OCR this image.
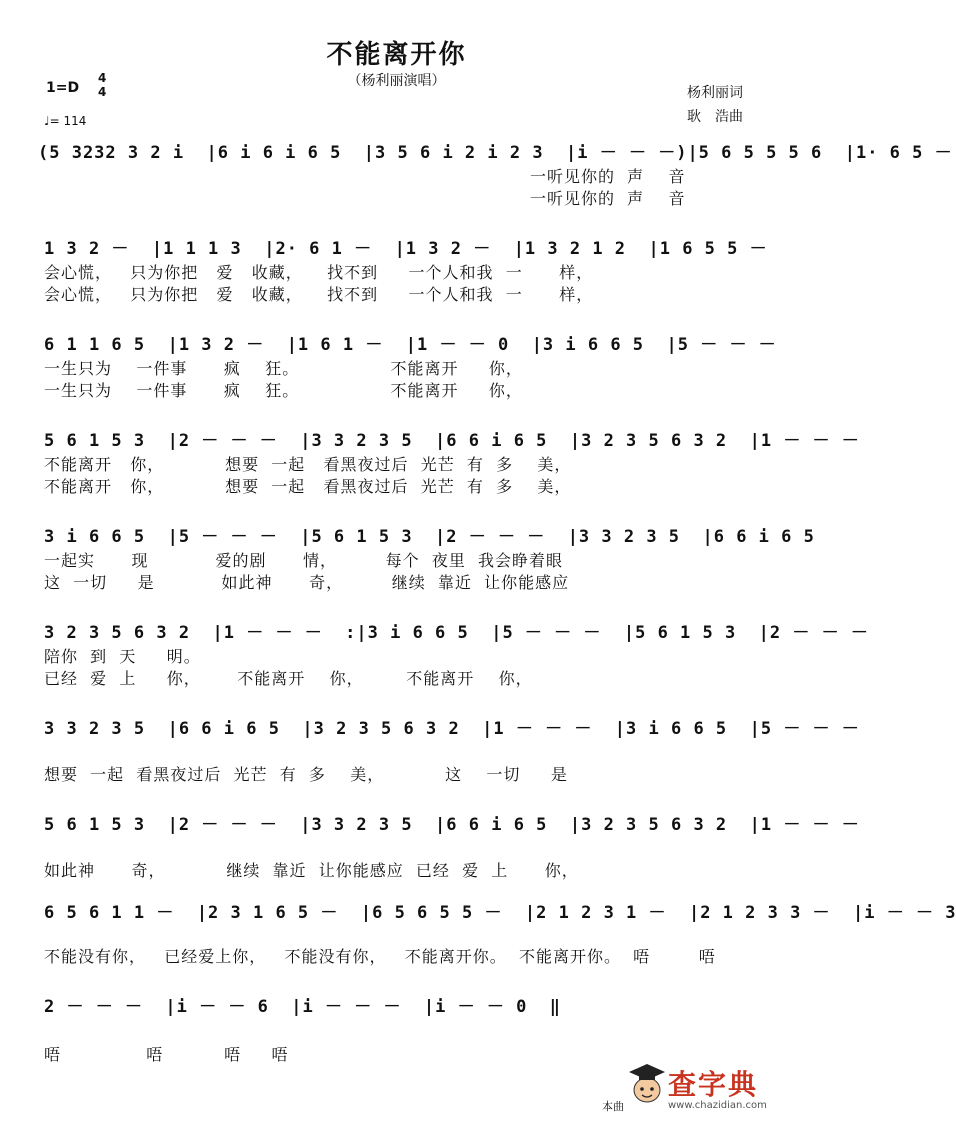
不能离开你
（杨利丽演唱）
杨利丽词
耿　浩曲
1=D
4
4
♩= 114
(5 3232 3 2 i  |6 i 6 i 6 5  |3 5 6 i 2 i 2 3  |i － － －)|5 6 5 5 5 6  |1· 6 5 －
一听见你的  声    音
一听见你的  声    音
1 3 2 －  |1 1 1 3  |2· 6 1 －  |1 3 2 －  |1 3 2 1 2  |1 6 5 5 －
会心慌，   只为你把   爱   收藏，    找不到     一个人和我  一      样，
会心慌，   只为你把   爱   收藏，    找不到     一个人和我  一      样，
6 1 1 6 5  |1 3 2 －  |1 6 1 －  |1 － － 0  |3 i 6 6 5  |5 － － －
一生只为    一件事      疯    狂。               不能离开     你，
一生只为    一件事      疯    狂。               不能离开     你，
5 6 1 5 3  |2 － － －  |3 3 2 3 5  |6 6 i 6 5  |3 2 3 5 6 3 2  |1 － － －
不能离开   你，          想要  一起   看黑夜过后  光芒  有  多    美，
不能离开   你，          想要  一起   看黑夜过后  光芒  有  多    美，
3 i 6 6 5  |5 － － －  |5 6 1 5 3  |2 － － －  |3 3 2 3 5  |6 6 i 6 5
一起实      现           爱的剧      情，        每个  夜里  我会睁着眼
这  一切     是           如此神      奇，        继续  靠近  让你能感应
3 2 3 5 6 3 2  |1 － － －  :|3 i 6 6 5  |5 － － －  |5 6 1 5 3  |2 － － －
陪你  到  天     明。
已经  爱  上     你，      不能离开    你，       不能离开    你，
3 3 2 3 5  |6 6 i 6 5  |3 2 3 5 6 3 2  |1 － － －  |3 i 6 6 5  |5 － － －
想要  一起  看黑夜过后  光芒  有  多    美，          这    一切     是
5 6 1 5 3  |2 － － －  |3 3 2 3 5  |6 6 i 6 5  |3 2 3 5 6 3 2  |1 － － －
如此神      奇，          继续  靠近  让你能感应  已经  爱  上      你，
6 5 6 1 1 －  |2 3 1 6 5 －  |6 5 6 5 5 －  |2 1 2 3 1 －  |2 1 2 3 3 －  |i － － 3
不能没有你，   已经爱上你，   不能没有你，   不能离开你。  不能离开你。  唔        唔
2 － － －  |i － － 6  |i － － －  |i － － 0  ‖
唔              唔          唔     唔
本曲
查字典
www.chazidian.com
